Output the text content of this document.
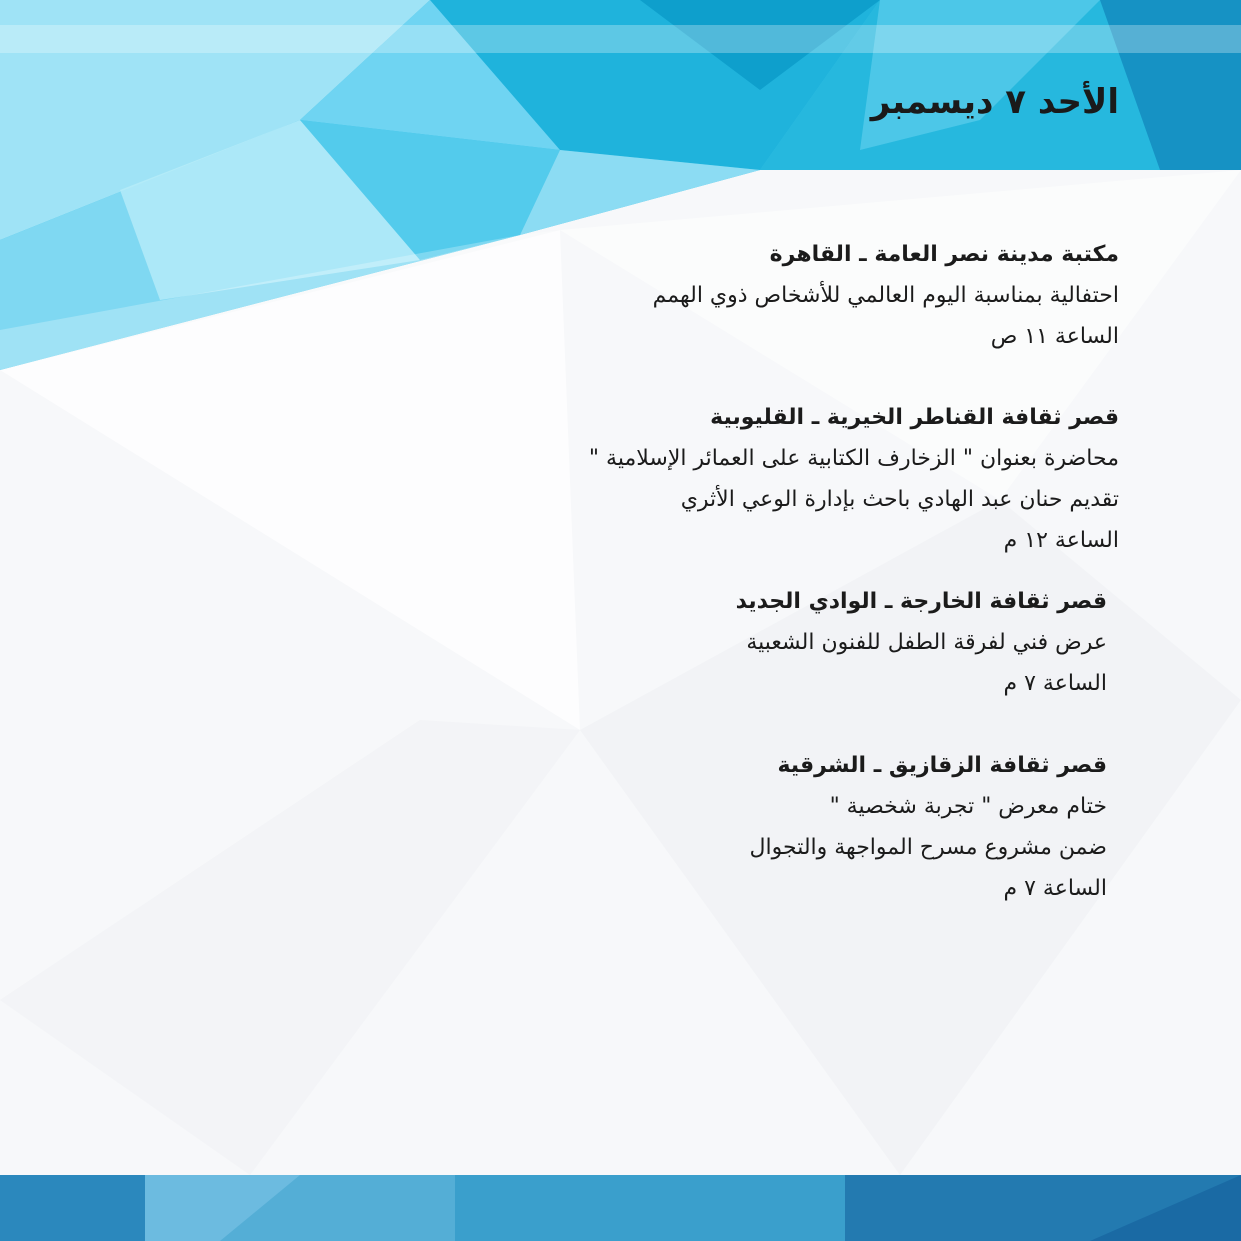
الأحد ٧ ديسمبر
مكتبة مدينة نصر العامة ـ القاهرة
احتفالية بمناسبة اليوم العالمي للأشخاص ذوي الهمم
الساعة ١١ ص
قصر ثقافة القناطر الخيرية ـ القليوبية
محاضرة بعنوان " الزخارف الكتابية على العمائر الإسلامية "
تقديم حنان عبد الهادي باحث بإدارة الوعي الأثري
الساعة ١٢ م
قصر ثقافة الخارجة ـ الوادي الجديد
عرض فني لفرقة الطفل للفنون الشعبية
الساعة ٧ م
قصر ثقافة الزقازيق ـ الشرقية
ختام معرض " تجربة شخصية "
ضمن مشروع مسرح المواجهة والتجوال
الساعة ٧ م
